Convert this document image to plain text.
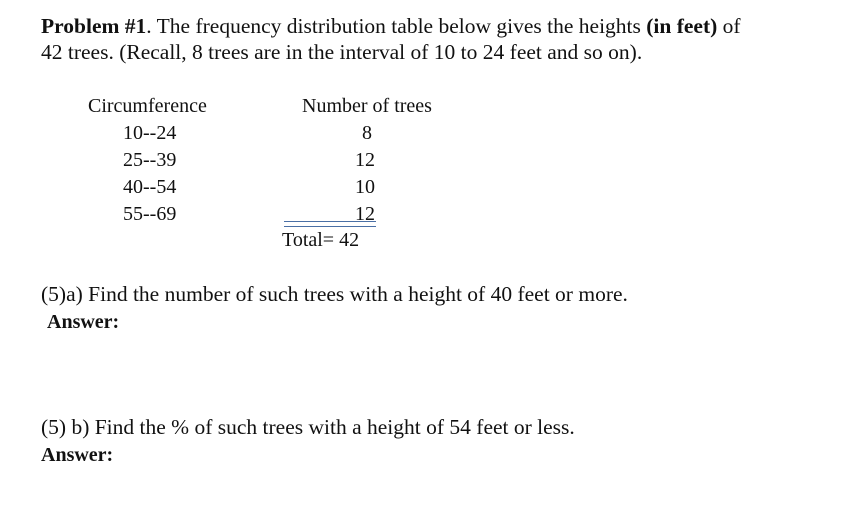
Problem #1. The frequency distribution table below gives the heights (in feet) of
42 trees. (Recall, 8 trees are in the interval of 10 to 24 feet and so on).
Circumference	Number of trees
10--24	8
25--39	12
40--54	10
55--69	12
Total= 42
(5)a) Find the number of such trees with a height of 40 feet or more.
Answer:
(5) b) Find the % of such trees with a height of 54 feet or less.
Answer:
